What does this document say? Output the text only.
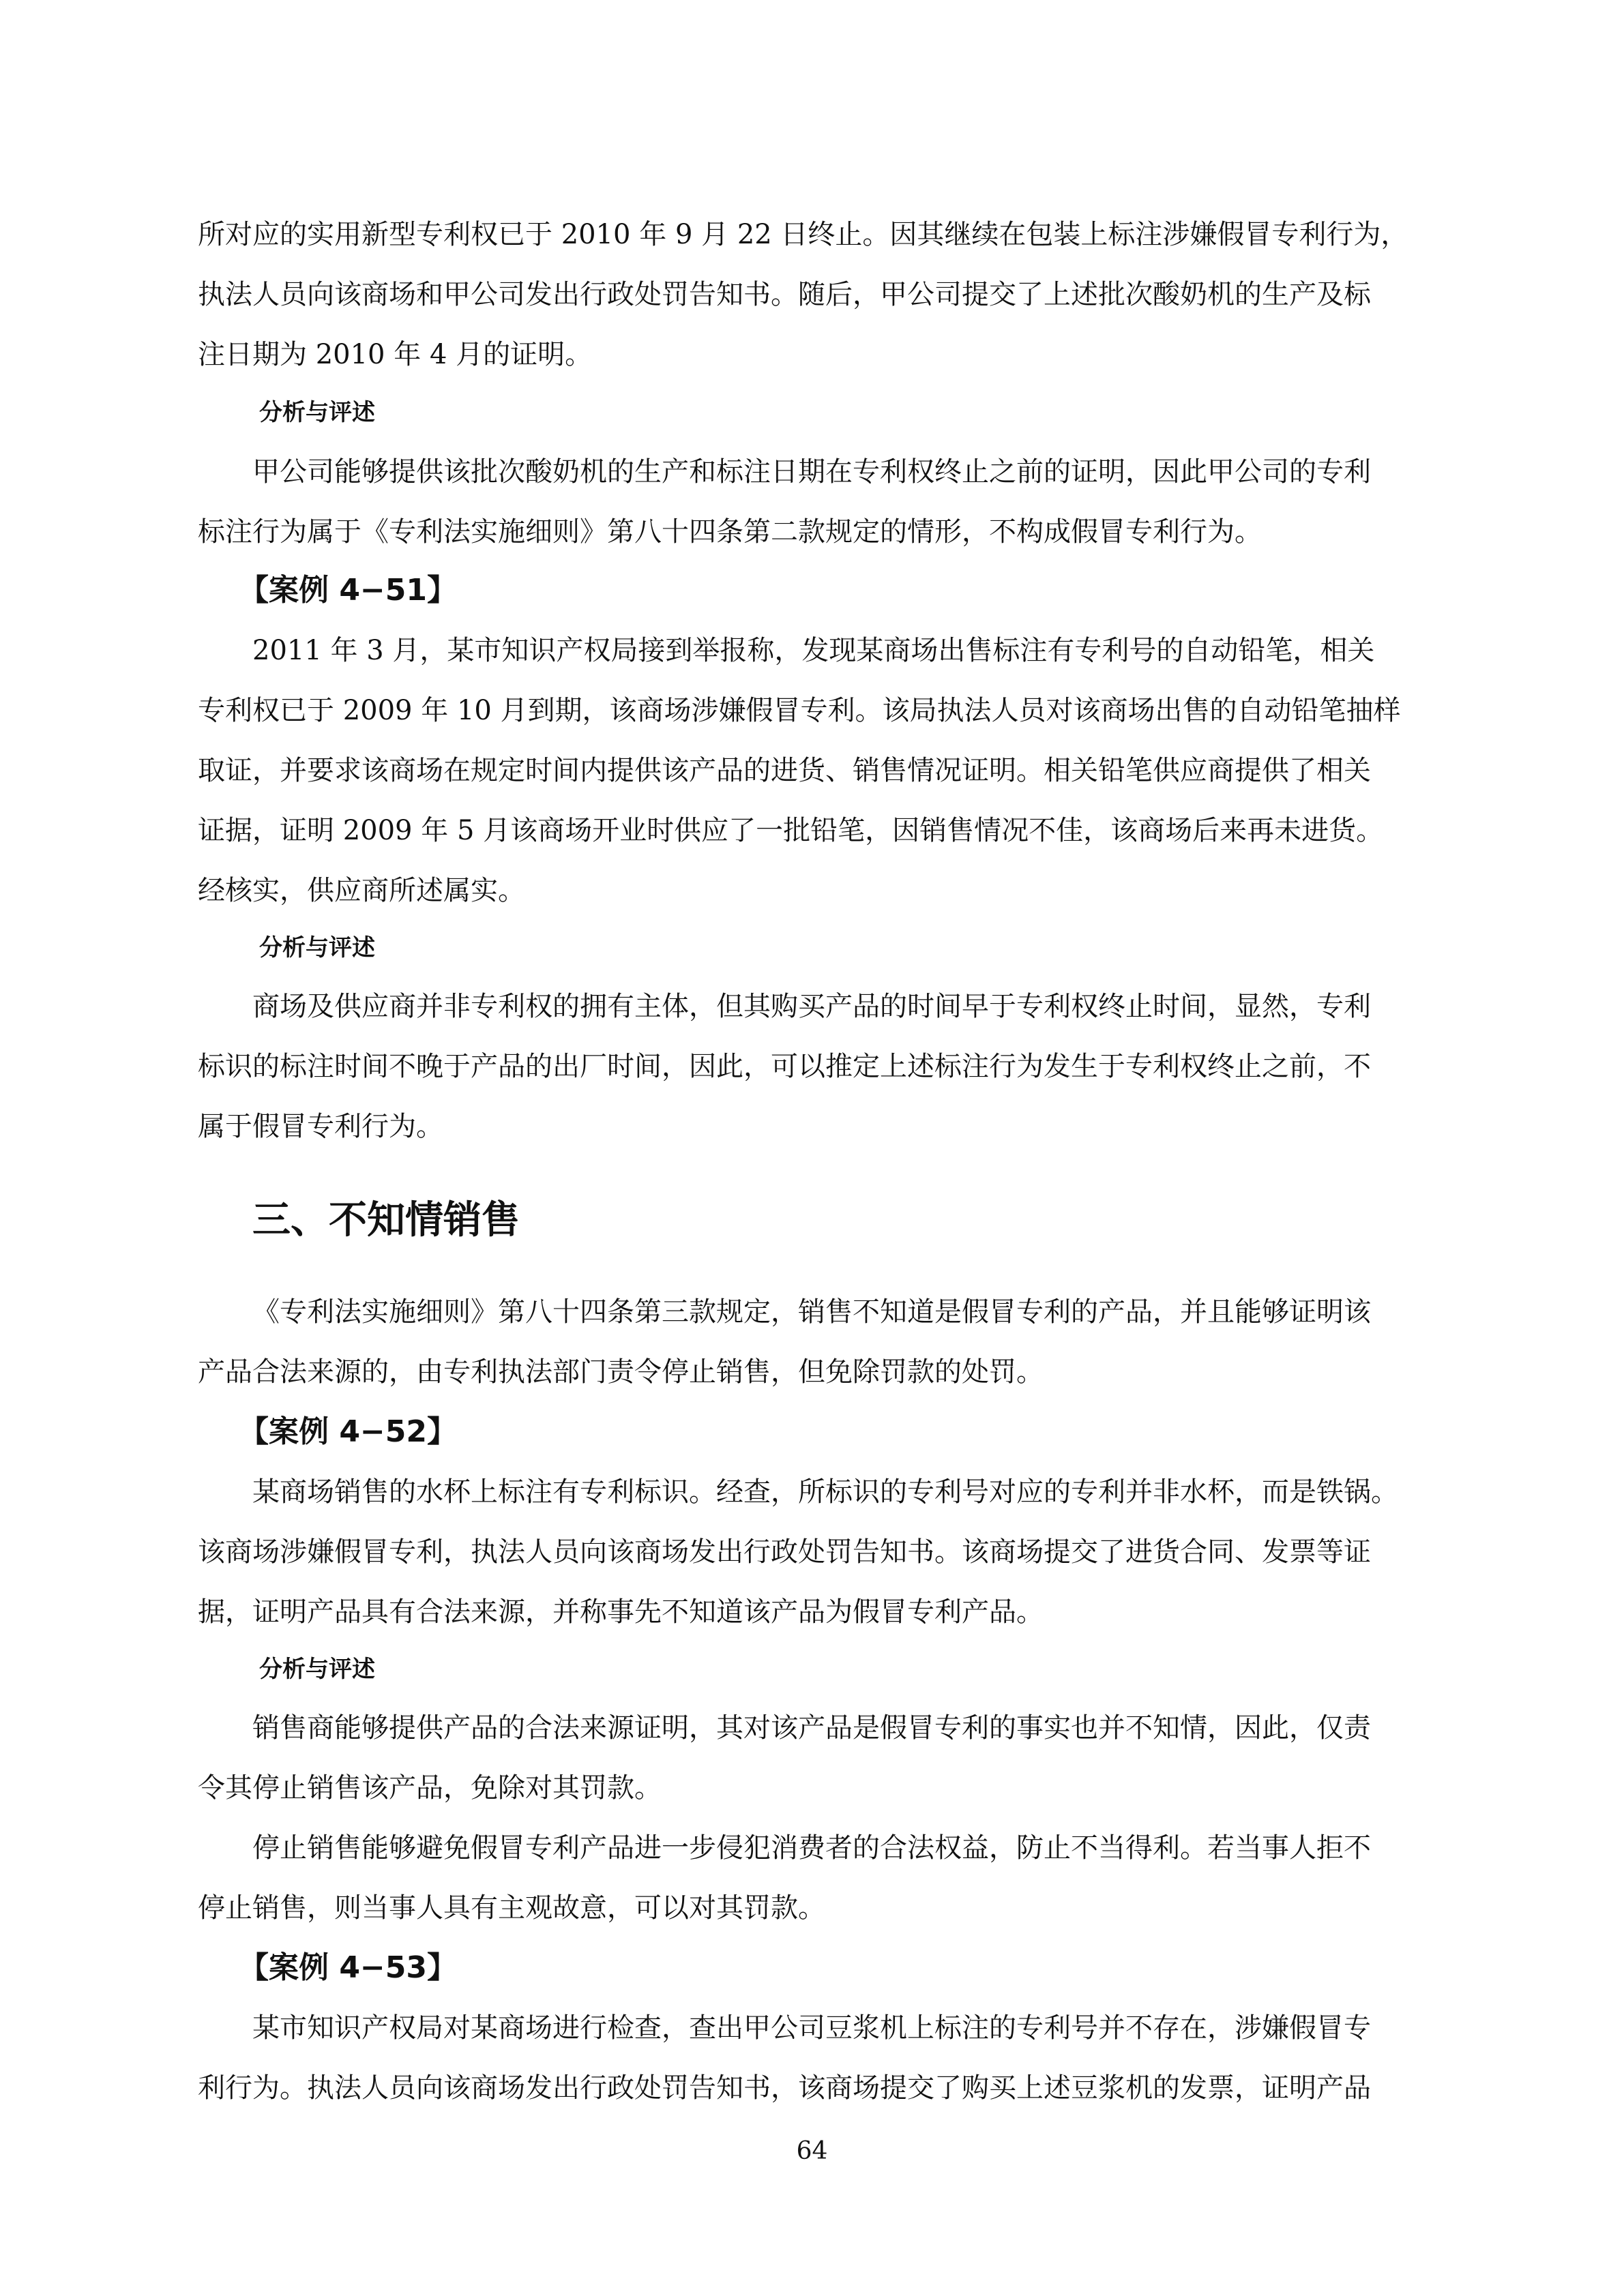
所对应的实用新型专利权已于 2010 年 9 月 22 日终止。因其继续在包装上标注涉嫌假冒专利行为，
执法人员向该商场和甲公司发出行政处罚告知书。随后，甲公司提交了上述批次酸奶机的生产及标
注日期为 2010 年 4 月的证明。
分析与评述
甲公司能够提供该批次酸奶机的生产和标注日期在专利权终止之前的证明，因此甲公司的专利
标注行为属于《专利法实施细则》第八十四条第二款规定的情形，不构成假冒专利行为。
【案例 4−51】
2011 年 3 月，某市知识产权局接到举报称，发现某商场出售标注有专利号的自动铅笔，相关
专利权已于 2009 年 10 月到期，该商场涉嫌假冒专利。该局执法人员对该商场出售的自动铅笔抽样
取证，并要求该商场在规定时间内提供该产品的进货、销售情况证明。相关铅笔供应商提供了相关
证据，证明 2009 年 5 月该商场开业时供应了一批铅笔，因销售情况不佳，该商场后来再未进货。
经核实，供应商所述属实。
分析与评述
商场及供应商并非专利权的拥有主体，但其购买产品的时间早于专利权终止时间，显然，专利
标识的标注时间不晚于产品的出厂时间，因此，可以推定上述标注行为发生于专利权终止之前，不
属于假冒专利行为。
三、不知情销售
《专利法实施细则》第八十四条第三款规定，销售不知道是假冒专利的产品，并且能够证明该
产品合法来源的，由专利执法部门责令停止销售，但免除罚款的处罚。
【案例 4−52】
某商场销售的水杯上标注有专利标识。经查，所标识的专利号对应的专利并非水杯，而是铁锅。
该商场涉嫌假冒专利，执法人员向该商场发出行政处罚告知书。该商场提交了进货合同、发票等证
据，证明产品具有合法来源，并称事先不知道该产品为假冒专利产品。
分析与评述
销售商能够提供产品的合法来源证明，其对该产品是假冒专利的事实也并不知情，因此，仅责
令其停止销售该产品，免除对其罚款。
停止销售能够避免假冒专利产品进一步侵犯消费者的合法权益，防止不当得利。若当事人拒不
停止销售，则当事人具有主观故意，可以对其罚款。
【案例 4−53】
某市知识产权局对某商场进行检查，查出甲公司豆浆机上标注的专利号并不存在，涉嫌假冒专
利行为。执法人员向该商场发出行政处罚告知书，该商场提交了购买上述豆浆机的发票，证明产品
64
